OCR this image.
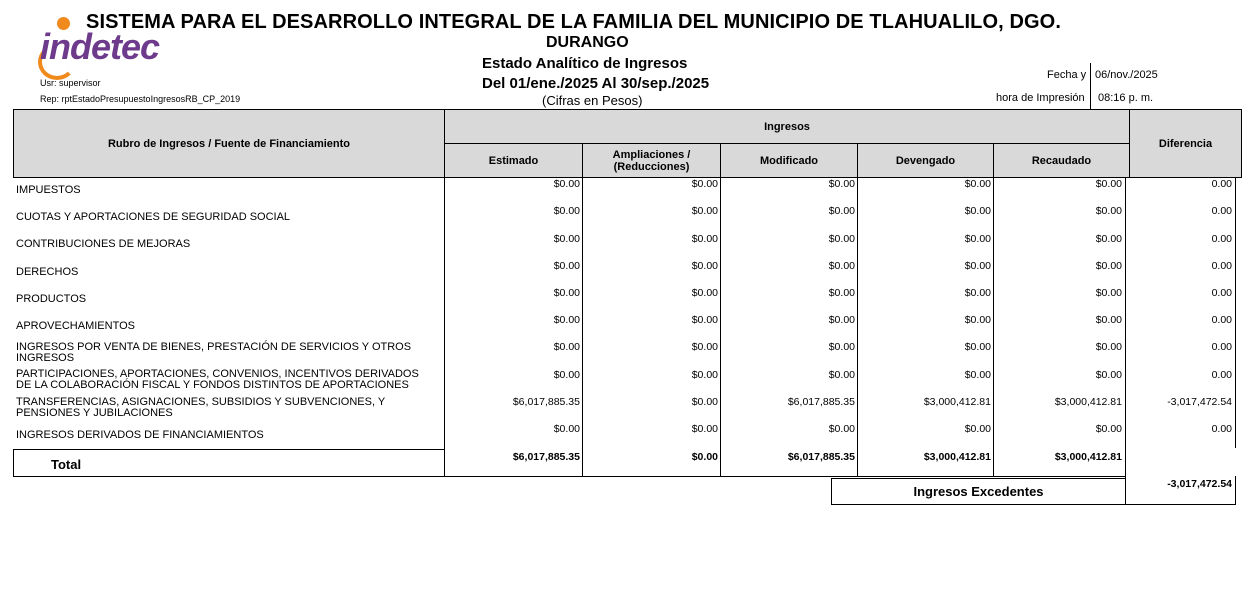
indetec
SISTEMA PARA EL DESARROLLO INTEGRAL DE LA FAMILIA DEL MUNICIPIO DE TLAHUALILO, DGO.
DURANGO
Estado Analítico de Ingresos
Del 01/ene./2025 Al 30/sep./2025
(Cifras en Pesos)
Usr: supervisor
Rep: rptEstadoPresupuestoIngresosRB_CP_2019
Fecha y 06/nov./2025
hora de Impresión 08:16 p. m.
Rubro de Ingresos / Fuente de Financiamiento
Ingresos
Diferencia
Estimado	Ampliaciones / (Reducciones)	Modificado	Devengado	Recaudado
IMPUESTOS	$0.00	$0.00	$0.00	$0.00	$0.00	0.00
CUOTAS Y APORTACIONES DE SEGURIDAD SOCIAL	$0.00	$0.00	$0.00	$0.00	$0.00	0.00
CONTRIBUCIONES DE MEJORAS	$0.00	$0.00	$0.00	$0.00	$0.00	0.00
DERECHOS	$0.00	$0.00	$0.00	$0.00	$0.00	0.00
PRODUCTOS	$0.00	$0.00	$0.00	$0.00	$0.00	0.00
APROVECHAMIENTOS	$0.00	$0.00	$0.00	$0.00	$0.00	0.00
INGRESOS POR VENTA DE BIENES, PRESTACIÓN DE SERVICIOS Y OTROS INGRESOS
$0.00	$0.00	$0.00	$0.00	$0.00	0.00
PARTICIPACIONES, APORTACIONES, CONVENIOS, INCENTIVOS DERIVADOS DE LA COLABORACIÓN FISCAL Y FONDOS DISTINTOS DE APORTACIONES
$0.00	$0.00	$0.00	$0.00	$0.00	0.00
TRANSFERENCIAS, ASIGNACIONES, SUBSIDIOS Y SUBVENCIONES, Y PENSIONES Y JUBILACIONES
$6,017,885.35	$0.00	$6,017,885.35	$3,000,412.81	$3,000,412.81	-3,017,472.54
INGRESOS DERIVADOS DE FINANCIAMIENTOS	$0.00	$0.00	$0.00	$0.00	$0.00	0.00
Total	$6,017,885.35	$0.00	$6,017,885.35	$3,000,412.81	$3,000,412.81
Ingresos Excedentes	-3,017,472.54
